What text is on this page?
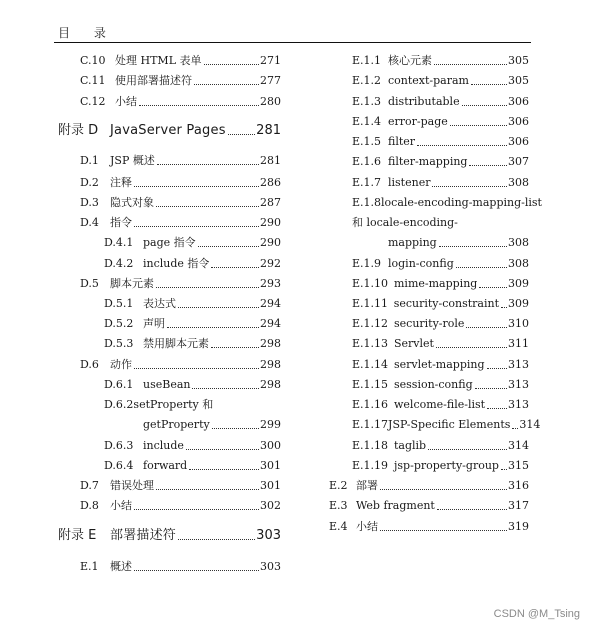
目 录
C.10 处理 HTML 表单	271
C.11 使用部署描述符	277
C.12 小结	280
附录 D JavaServer Pages 281
D.1	JSP 概述	281
D.2	注释	286
D.3	隐式对象	287
D.4	指令	290
D.4.1 page 指令	290
D.4.2 include 指令	292
D.5	脚本元素	293
D.5.1 表达式	294
D.5.2 声明	294
D.5.3 禁用脚本元素	298
D.6	动作	298
D.6.1 useBean	298
D.6.2setProperty 和
getProperty	299
D.6.3 include	300
D.6.4 forward	301
D.7	错误处理	301
D.8	小结	302
附录 E	部署描述符	303
E.1	概述	303
E.1.1 核心元素	305
E.1.2 context-param	305
E.1.3 distributable	306
E.1.4 error-page	306
E.1.5 filter	306
E.1.6 filter-mapping	307
E.1.7 listener	308
E.1.8locale-encoding-mapping-list
和 locale-encoding-
mapping	308
E.1.9 login-config	308
E.1.10 mime-mapping	309
E.1.11 security-constraint 309
E.1.12 security-role	310
E.1.13 Servlet	311
E.1.14 servlet-mapping 313
E.1.15 session-config	313
E.1.16 welcome-file-list 313
E.1.17 JSP-Specific Elements 314
E.1.18 taglib	314
E.1.19 jsp-property-group 315
E.2 部署	316
E.3 Web fragment	317
E.4 小结	319
CSDN @M_Tsing
